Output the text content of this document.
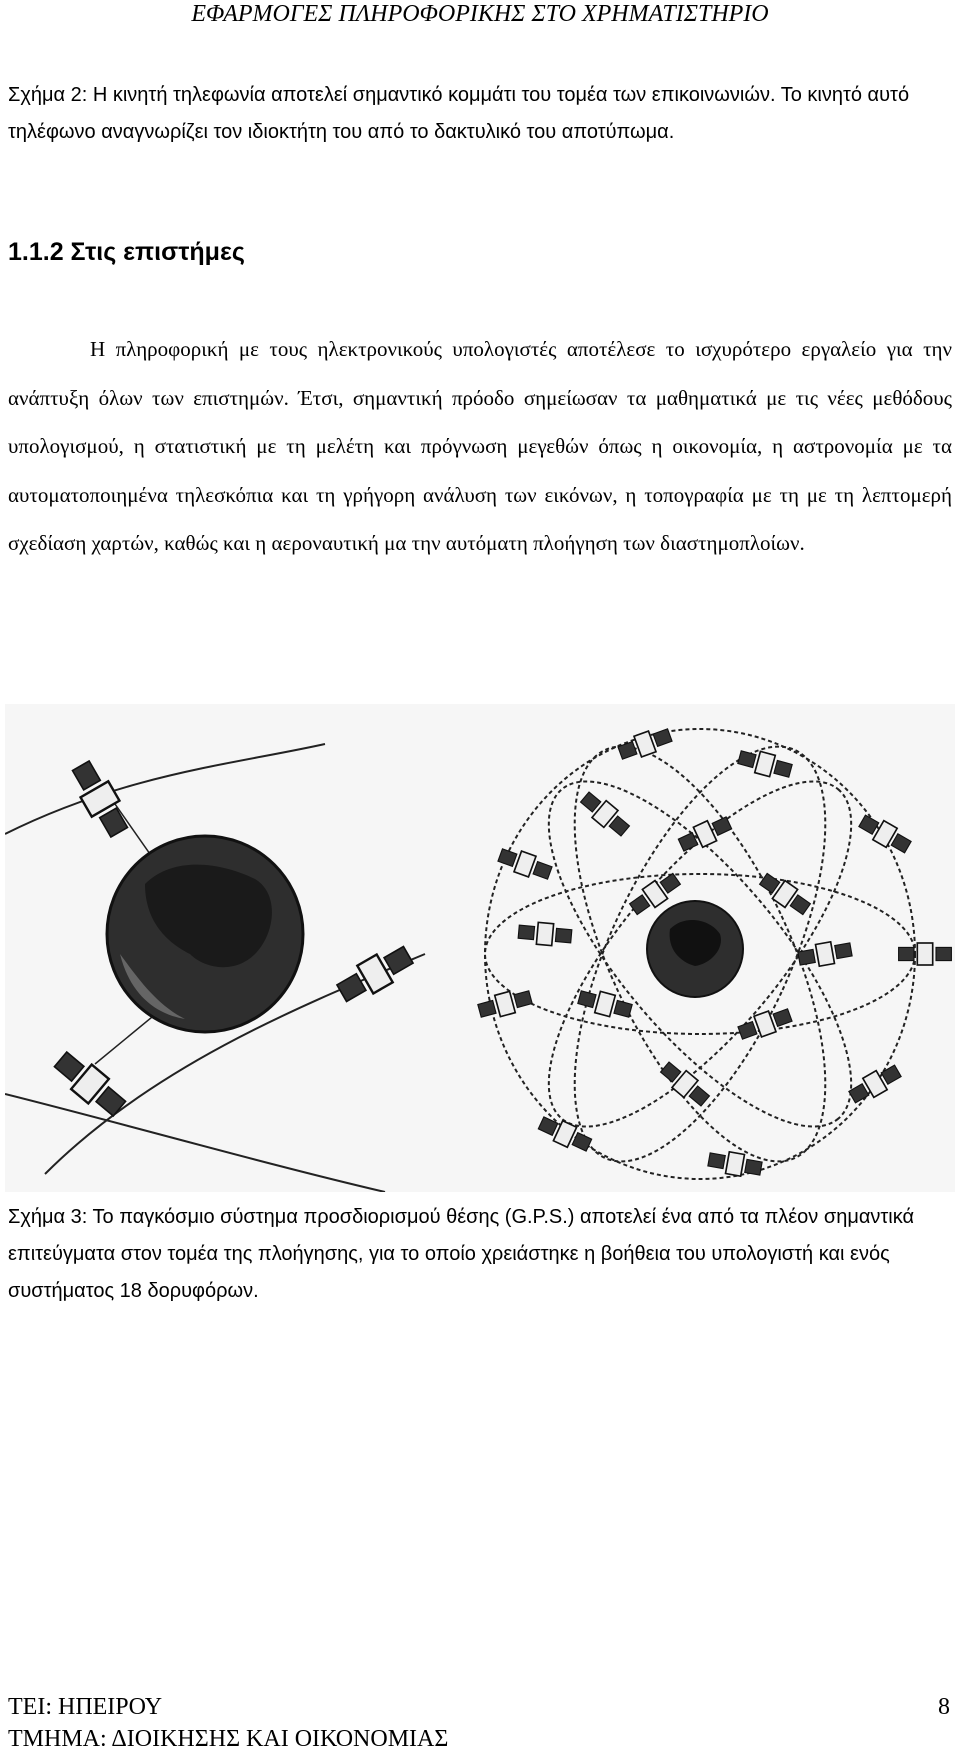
ΕΦΑΡΜΟΓΕΣ ΠΛΗΡΟΦΟΡΙΚΗΣ ΣΤΟ ΧΡΗΜΑΤΙΣΤΗΡΙΟ
Σχήμα 2: Η κινητή τηλεφωνία αποτελεί σημαντικό κομμάτι του τομέα των επικοινωνιών. Το κινητό αυτό τηλέφωνο αναγνωρίζει τον ιδιοκτήτη του από το δακτυλικό του αποτύπωμα.
1.1.2 Στις επιστήμες
Η πληροφορική με τους ηλεκτρονικούς υπολογιστές αποτέλεσε το ισχυρότερο εργαλείο για την ανάπτυξη όλων των επιστημών. Έτσι, σημαντική πρόοδο σημείωσαν τα μαθηματικά με τις νέες μεθόδους υπολογισμού, η στατιστική με τη μελέτη και πρόγνωση μεγεθών όπως η οικονομία, η αστρονομία με τα αυτοματοποιημένα τηλεσκόπια και τη γρήγορη ανάλυση των εικόνων, η τοπογραφία με τη με τη λεπτομερή σχεδίαση χαρτών, καθώς και η αεροναυτική μα την αυτόματη πλοήγηση των διαστημοπλοίων.
Σχήμα 3: Το παγκόσμιο σύστημα προσδιορισμού θέσης (G.P.S.) αποτελεί ένα από τα πλέον σημαντικά επιτεύγματα στον τομέα της πλοήγησης, για το οποίο χρειάστηκε η βοήθεια του υπολογιστή και ενός συστήματος 18 δορυφόρων.
ΤΕΙ: ΗΠΕΙΡΟΥ
ΤΜΗΜΑ: ΔΙΟΙΚΗΣΗΣ ΚΑΙ ΟΙΚΟΝΟΜΙΑΣ
8
